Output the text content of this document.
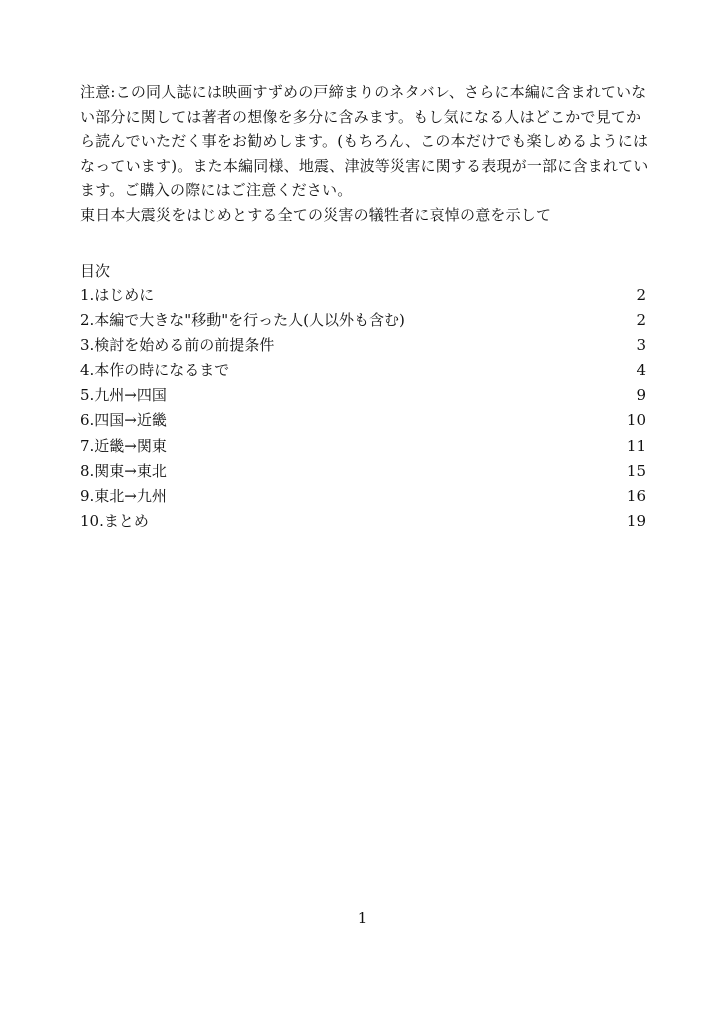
注意:この同人誌には映画すずめの戸締まりのネタバレ、さらに本編に含まれていない部分に関しては著者の想像を多分に含みます。もし気になる人はどこかで見てから読んでいただく事をお勧めします。(もちろん、この本だけでも楽しめるようにはなっています)。また本編同様、地震、津波等災害に関する表現が一部に含まれています。ご購入の際にはご注意ください。

東日本大震災をはじめとする全ての災害の犠牲者に哀悼の意を示して

目次
1.はじめに	2
2.本編で大きな"移動"を行った人(人以外も含む)	2
3.検討を始める前の前提条件	3
4.本作の時になるまで	4
5.九州→四国	9
6.四国→近畿	10
7.近畿→関東	11
8.関東→東北	15
9.東北→九州	16
10.まとめ	19
1
